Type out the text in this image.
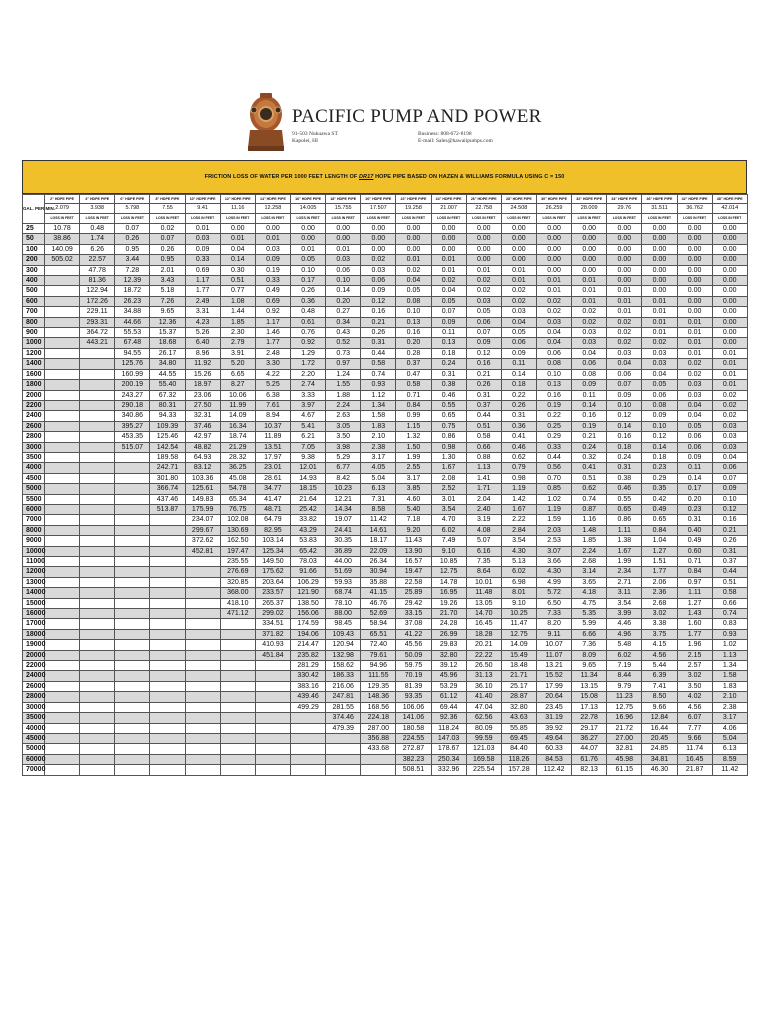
PACIFIC PUMP AND POWER
91-503 Nukuawa ST
Kapolei, HI
Business: 808-672-8198
E-mail: Sales@hawaiipumps.com
FRICTION LOSS OF WATER PER 1000 FEET LENGTH OF
DR17
HOPE PIPE BASED ON HAZEN & WILLIAMS FORMULA USING C = 150
GAL. PER MIN.	2" HDPE PIPE	4" HDPE PIPE	6" HDPE PIPE	8" HDPE PIPE	10" HDPE PIPE	12" HDPE PIPE	14" HDPE PIPE	16" HDPE PIPE	18" HDPE PIPE	20" HDPE PIPE	22" HDPE PIPE	24" HDPE PIPE	26" HDPE PIPE	28" HDPE PIPE	30" HDPE PIPE	32" HDPE PIPE	34" HDPE PIPE	36" HDPE PIPE	42" HDPE PIPE	48" HDPE PIPE
	2.079	3.938	5.798	7.55	9.41	11.16	12.258	14.005	15.755	17.507	19.258	21.007	22.758	24.508	26.259	28.009	29.76	31.511	36.762	42.014
	LOSS IN FEET	LOSS IN FEET	LOSS IN FEET	LOSS IN FEET	LOSS IN FEET	LOSS IN FEET	LOSS IN FEET	LOSS IN FEET	LOSS IN FEET	LOSS IN FEET	LOSS IN FEET	LOSS IN FEET	LOSS IN FEET	LOSS IN FEET	LOSS IN FEET	LOSS IN FEET	LOSS IN FEET	LOSS IN FEET	LOSS IN FEET	LOSS IN FEET
25	10.78	0.48	0.07	0.02	0.01	0.00	0.00	0.00	0.00	0.00	0.00	0.00	0.00	0.00	0.00	0.00	0.00	0.00	0.00	0.00
50	38.86	1.74	0.26	0.07	0.03	0.01	0.01	0.00	0.00	0.00	0.00	0.00	0.00	0.00	0.00	0.00	0.00	0.00	0.00	0.00
100	140.09	6.26	0.95	0.26	0.09	0.04	0.03	0.01	0.01	0.00	0.00	0.00	0.00	0.00	0.00	0.00	0.00	0.00	0.00	0.00
200	505.02	22.57	3.44	0.95	0.33	0.14	0.09	0.05	0.03	0.02	0.01	0.01	0.00	0.00	0.00	0.00	0.00	0.00	0.00	0.00
300		47.78	7.28	2.01	0.69	0.30	0.19	0.10	0.06	0.03	0.02	0.01	0.01	0.01	0.00	0.00	0.00	0.00	0.00	0.00
400		81.36	12.39	3.43	1.17	0.51	0.33	0.17	0.10	0.06	0.04	0.02	0.02	0.01	0.01	0.01	0.00	0.00	0.00	0.00
500		122.94	18.72	5.18	1.77	0.77	0.49	0.26	0.14	0.09	0.05	0.04	0.02	0.02	0.01	0.01	0.01	0.00	0.00	0.00
600		172.26	26.23	7.26	2.49	1.08	0.69	0.36	0.20	0.12	0.08	0.05	0.03	0.02	0.02	0.01	0.01	0.01	0.00	0.00
700		229.11	34.88	9.65	3.31	1.44	0.92	0.48	0.27	0.16	0.10	0.07	0.05	0.03	0.02	0.02	0.01	0.01	0.00	0.00
800		293.31	44.66	12.36	4.23	1.85	1.17	0.61	0.34	0.21	0.13	0.09	0.06	0.04	0.03	0.02	0.02	0.01	0.01	0.00
900		364.72	55.53	15.37	5.26	2.30	1.46	0.76	0.43	0.26	0.16	0.11	0.07	0.05	0.04	0.03	0.02	0.01	0.01	0.00
1000		443.21	67.48	18.68	6.40	2.79	1.77	0.92	0.52	0.31	0.20	0.13	0.09	0.06	0.04	0.03	0.02	0.02	0.01	0.00
1200			94.55	26.17	8.96	3.91	2.48	1.29	0.73	0.44	0.28	0.18	0.12	0.09	0.06	0.04	0.03	0.03	0.01	0.01
1400			125.76	34.80	11.92	5.20	3.30	1.72	0.97	0.58	0.37	0.24	0.16	0.11	0.08	0.06	0.04	0.03	0.02	0.01
1600			160.99	44.55	15.26	6.65	4.22	2.20	1.24	0.74	0.47	0.31	0.21	0.14	0.10	0.08	0.06	0.04	0.02	0.01
1800			200.19	55.40	18.97	8.27	5.25	2.74	1.55	0.93	0.58	0.38	0.26	0.18	0.13	0.09	0.07	0.05	0.03	0.01
2000			243.27	67.32	23.06	10.06	6.38	3.33	1.88	1.12	0.71	0.46	0.31	0.22	0.16	0.11	0.09	0.06	0.03	0.02
2200			290.18	80.31	27.50	11.99	7.61	3.97	2.24	1.34	0.84	0.55	0.37	0.26	0.19	0.14	0.10	0.08	0.04	0.02
2400			340.86	94.33	32.31	14.09	8.94	4.67	2.63	1.58	0.99	0.65	0.44	0.31	0.22	0.16	0.12	0.09	0.04	0.02
2600			395.27	109.39	37.46	16.34	10.37	5.41	3.05	1.83	1.15	0.75	0.51	0.36	0.25	0.19	0.14	0.10	0.05	0.03
2800			453.35	125.46	42.97	18.74	11.89	6.21	3.50	2.10	1.32	0.86	0.58	0.41	0.29	0.21	0.16	0.12	0.06	0.03
3000			515.07	142.54	48.82	21.29	13.51	7.05	3.98	2.38	1.50	0.98	0.66	0.46	0.33	0.24	0.18	0.14	0.06	0.03
3500				189.58	64.93	28.32	17.97	9.38	5.29	3.17	1.99	1.30	0.88	0.62	0.44	0.32	0.24	0.18	0.09	0.04
4000				242.71	83.12	36.25	23.01	12.01	6.77	4.05	2.55	1.67	1.13	0.79	0.56	0.41	0.31	0.23	0.11	0.06
4500				301.80	103.36	45.08	28.61	14.93	8.42	5.04	3.17	2.08	1.41	0.98	0.70	0.51	0.38	0.29	0.14	0.07
5000				366.74	125.61	54.78	34.77	18.15	10.23	6.13	3.85	2.52	1.71	1.19	0.85	0.62	0.46	0.35	0.17	0.09
5500				437.46	149.83	65.34	41.47	21.64	12.21	7.31	4.60	3.01	2.04	1.42	1.02	0.74	0.55	0.42	0.20	0.10
6000				513.87	175.99	76.75	48.71	25.42	14.34	8.58	5.40	3.54	2.40	1.67	1.19	0.87	0.65	0.49	0.23	0.12
7000					234.07	102.08	64.79	33.82	19.07	11.42	7.18	4.70	3.19	2.22	1.59	1.16	0.86	0.65	0.31	0.16
8000					299.67	130.69	82.95	43.29	24.41	14.61	9.20	6.02	4.08	2.84	2.03	1.48	1.11	0.84	0.40	0.21
9000					372.62	162.50	103.14	53.83	30.35	18.17	11.43	7.49	5.07	3.54	2.53	1.85	1.38	1.04	0.49	0.26
10000					452.81	197.47	125.34	65.42	36.89	22.09	13.90	9.10	6.16	4.30	3.07	2.24	1.67	1.27	0.60	0.31
11000						235.55	149.50	78.03	44.00	26.34	16.57	10.85	7.35	5.13	3.66	2.68	1.99	1.51	0.71	0.37
12000						276.69	175.62	91.66	51.69	30.94	19.47	12.75	8.64	6.02	4.30	3.14	2.34	1.77	0.84	0.44
13000						320.85	203.64	106.29	59.93	35.88	22.58	14.78	10.01	6.98	4.99	3.65	2.71	2.06	0.97	0.51
14000						368.00	233.57	121.90	68.74	41.15	25.89	16.95	11.48	8.01	5.72	4.18	3.11	2.36	1.11	0.58
15000						418.10	265.37	138.50	78.10	46.76	29.42	19.26	13.05	9.10	6.50	4.75	3.54	2.68	1.27	0.66
16000						471.12	299.02	156.06	88.00	52.69	33.15	21.70	14.70	10.25	7.33	5.35	3.99	3.02	1.43	0.74
17000							334.51	174.59	98.45	58.94	37.08	24.28	16.45	11.47	8.20	5.99	4.46	3.38	1.60	0.83
18000							371.82	194.06	109.43	65.51	41.22	26.99	18.28	12.75	9.11	6.66	4.96	3.75	1.77	0.93
19000							410.93	214.47	120.94	72.40	45.56	29.83	20.21	14.09	10.07	7.36	5.48	4.15	1.96	1.02
20000							451.84	235.82	132.98	79.61	50.09	32.80	22.22	15.49	11.07	8.09	6.02	4.56	2.15	1.13
22000								281.29	158.62	94.96	59.75	39.12	26.50	18.48	13.21	9.65	7.19	5.44	2.57	1.34
24000								330.42	186.33	111.55	70.19	45.96	31.13	21.71	15.52	11.34	8.44	6.39	3.02	1.58
26000								383.16	216.06	129.35	81.39	53.29	36.10	25.17	17.99	13.15	9.79	7.41	3.50	1.83
28000								439.46	247.81	148.36	93.35	61.12	41.40	28.87	20.64	15.08	11.23	8.50	4.02	2.10
30000								499.29	281.55	168.56	106.06	69.44	47.04	32.80	23.45	17.13	12.75	9.66	4.56	2.38
35000									374.46	224.18	141.06	92.36	62.56	43.63	31.19	22.78	16.96	12.84	6.07	3.17
40000									479.39	287.00	180.58	118.24	80.09	55.85	39.92	29.17	21.72	16.44	7.77	4.06
45000										356.88	224.55	147.03	99.59	69.45	49.64	36.27	27.00	20.45	9.66	5.04
50000										433.68	272.87	178.67	121.03	84.40	60.33	44.07	32.81	24.85	11.74	6.13
60000											382.23	250.34	169.58	118.26	84.53	61.76	45.98	34.81	16.45	8.59
70000											508.51	332.96	225.54	157.28	112.42	82.13	61.15	46.30	21.87	11.42
